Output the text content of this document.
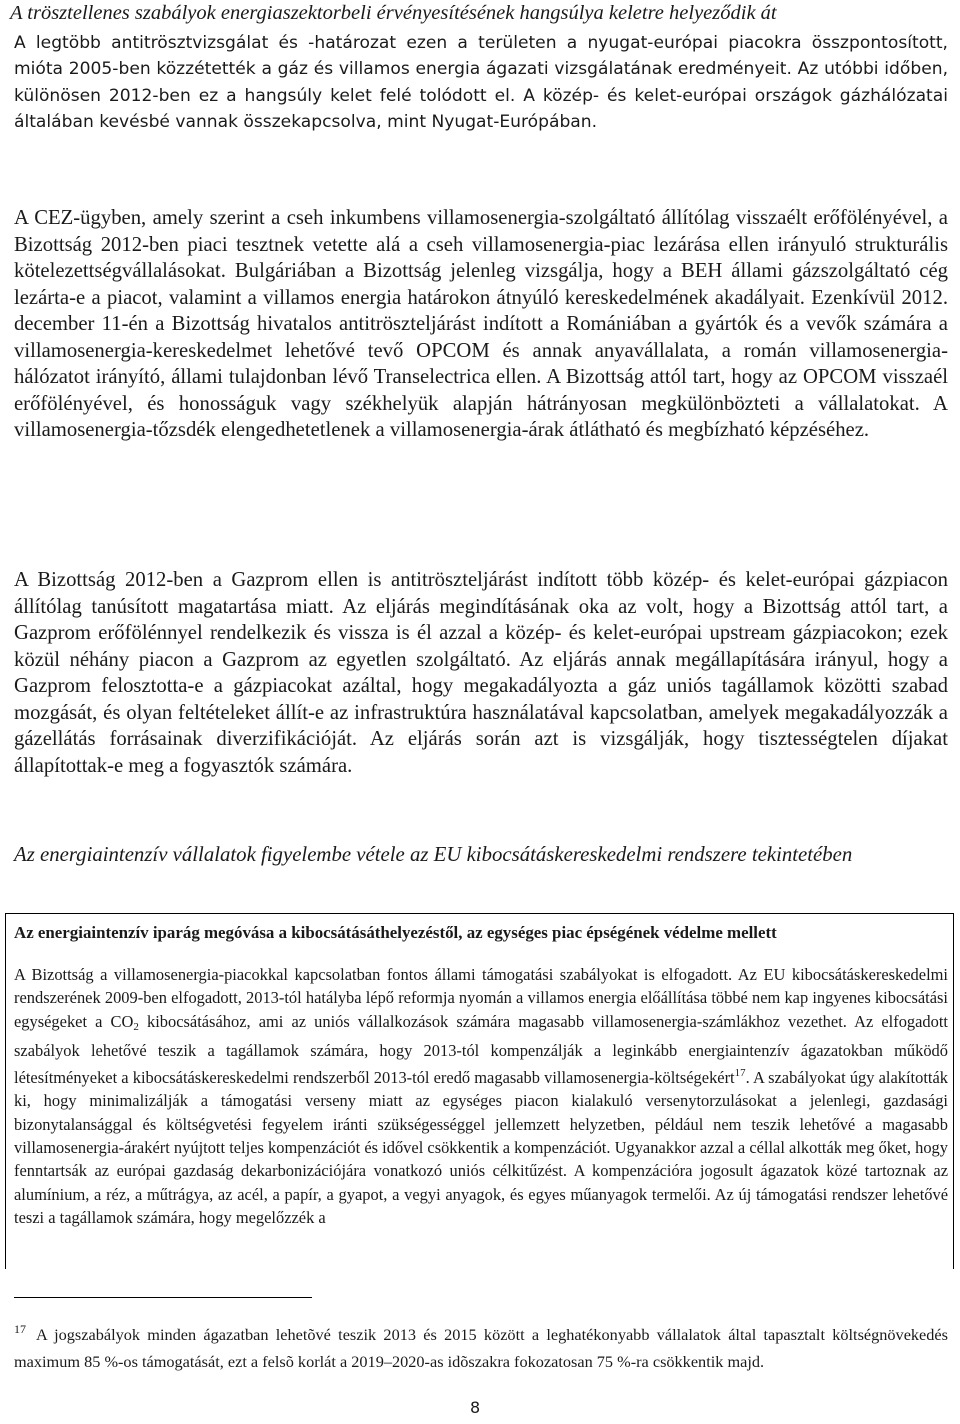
A trösztellenes szabályok energiaszektorbeli érvényesítésének hangsúlya keletre helyeződik át

A legtöbb antitrösztvizsgálat és -határozat ezen a területen a nyugat-európai piacokra összpontosított, mióta 2005-ben közzétették a gáz és villamos energia ágazati vizsgálatának eredményeit. Az utóbbi időben, különösen 2012-ben ez a hangsúly kelet felé tolódott el. A közép- és kelet-európai országok gázhálózatai általában kevésbé vannak összekapcsolva, mint Nyugat-Európában.

A CEZ-ügyben, amely szerint a cseh inkumbens villamosenergia-szolgáltató állítólag visszaélt erőfölényével, a Bizottság 2012-ben piaci tesztnek vetette alá a cseh villamosenergia-piac lezárása ellen irányuló strukturális kötelezettségvállalásokat. Bulgáriában a Bizottság jelenleg vizsgálja, hogy a BEH állami gázszolgáltató cég lezárta-e a piacot, valamint a villamos energia határokon átnyúló kereskedelmének akadályait. Ezenkívül 2012. december 11-én a Bizottság hivatalos antitröszteljárást indított a Romániában a gyártók és a vevők számára a villamosenergia-kereskedelmet lehetővé tevő OPCOM és annak anyavállalata, a román villamosenergia-hálózatot irányító, állami tulajdonban lévő Transelectrica ellen. A Bizottság attól tart, hogy az OPCOM visszaél erőfölényével, és honosságuk vagy székhelyük alapján hátrányosan megkülönbözteti a vállalatokat. A villamosenergia-tőzsdék elengedhetetlenek a villamosenergia-árak átlátható és megbízható képzéséhez.

A Bizottság 2012-ben a Gazprom ellen is antitröszteljárást indított több közép- és kelet-európai gázpiacon állítólag tanúsított magatartása miatt. Az eljárás megindításának oka az volt, hogy a Bizottság attól tart, a Gazprom erőfölénnyel rendelkezik és vissza is él azzal a közép- és kelet-európai upstream gázpiacokon; ezek közül néhány piacon a Gazprom az egyetlen szolgáltató. Az eljárás annak megállapítására irányul, hogy a Gazprom felosztotta-e a gázpiacokat azáltal, hogy megakadályozta a gáz uniós tagállamok közötti szabad mozgását, és olyan feltételeket állít-e az infrastruktúra használatával kapcsolatban, amelyek megakadályozzák a gázellátás forrásainak diverzifikációját. Az eljárás során azt is vizsgálják, hogy tisztességtelen díjakat állapítottak-e meg a fogyasztók számára.

Az energiaintenzív vállalatok figyelembe vétele az EU kibocsátáskereskedelmi rendszere tekintetében

Az energiaintenzív iparág megóvása a kibocsátásáthelyezéstől, az egységes piac épségének védelme mellett

A Bizottság a villamosenergia-piacokkal kapcsolatban fontos állami támogatási szabályokat is elfogadott. Az EU kibocsátáskereskedelmi rendszerének 2009-ben elfogadott, 2013-tól hatályba lépő reformja nyomán a villamos energia előállítása többé nem kap ingyenes kibocsátási egységeket a $CO_2$ kibocsátásához, ami az uniós vállalkozások számára magasabb villamosenergia-számlákhoz vezethet. Az elfogadott szabályok lehetővé teszik a tagállamok számára, hogy 2013-tól kompenzálják a leginkább energiaintenzív ágazatokban működő létesítményeket a kibocsátáskereskedelmi rendszerből 2013-tól eredő magasabb villamosenergia-költségekért$^{17}$. A szabályokat úgy alakították ki, hogy minimalizálják a támogatási verseny miatt az egységes piacon kialakuló versenytorzulásokat a jelenlegi, gazdasági bizonytalansággal és költségvetési fegyelem iránti szükségességgel jellemzett helyzetben, például nem teszik lehetővé a magasabb villamosenergia-árakért nyújtott teljes kompenzációt és idővel csökkentik a kompenzációt. Ugyanakkor azzal a céllal alkották meg őket, hogy fenntartsák az európai gazdaság dekarbonizációjára vonatkozó uniós célkitűzést. A kompenzációra jogosult ágazatok közé tartoznak az alumínium, a réz, a műtrágya, az acél, a papír, a gyapot, a vegyi anyagok, és egyes műanyagok termelői. Az új támogatási rendszer lehetővé teszi a tagállamok számára, hogy megelőzzék a

$^{17}$ A jogszabályok minden ágazatban lehetõvé teszik 2013 és 2015 között a leghatékonyabb vállalatok által tapasztalt költségnövekedés maximum 85 %-os támogatását, ezt a felsõ korlát a 2019–2020-as idõszakra fokozatosan 75 %-ra csökkentik majd.

8
